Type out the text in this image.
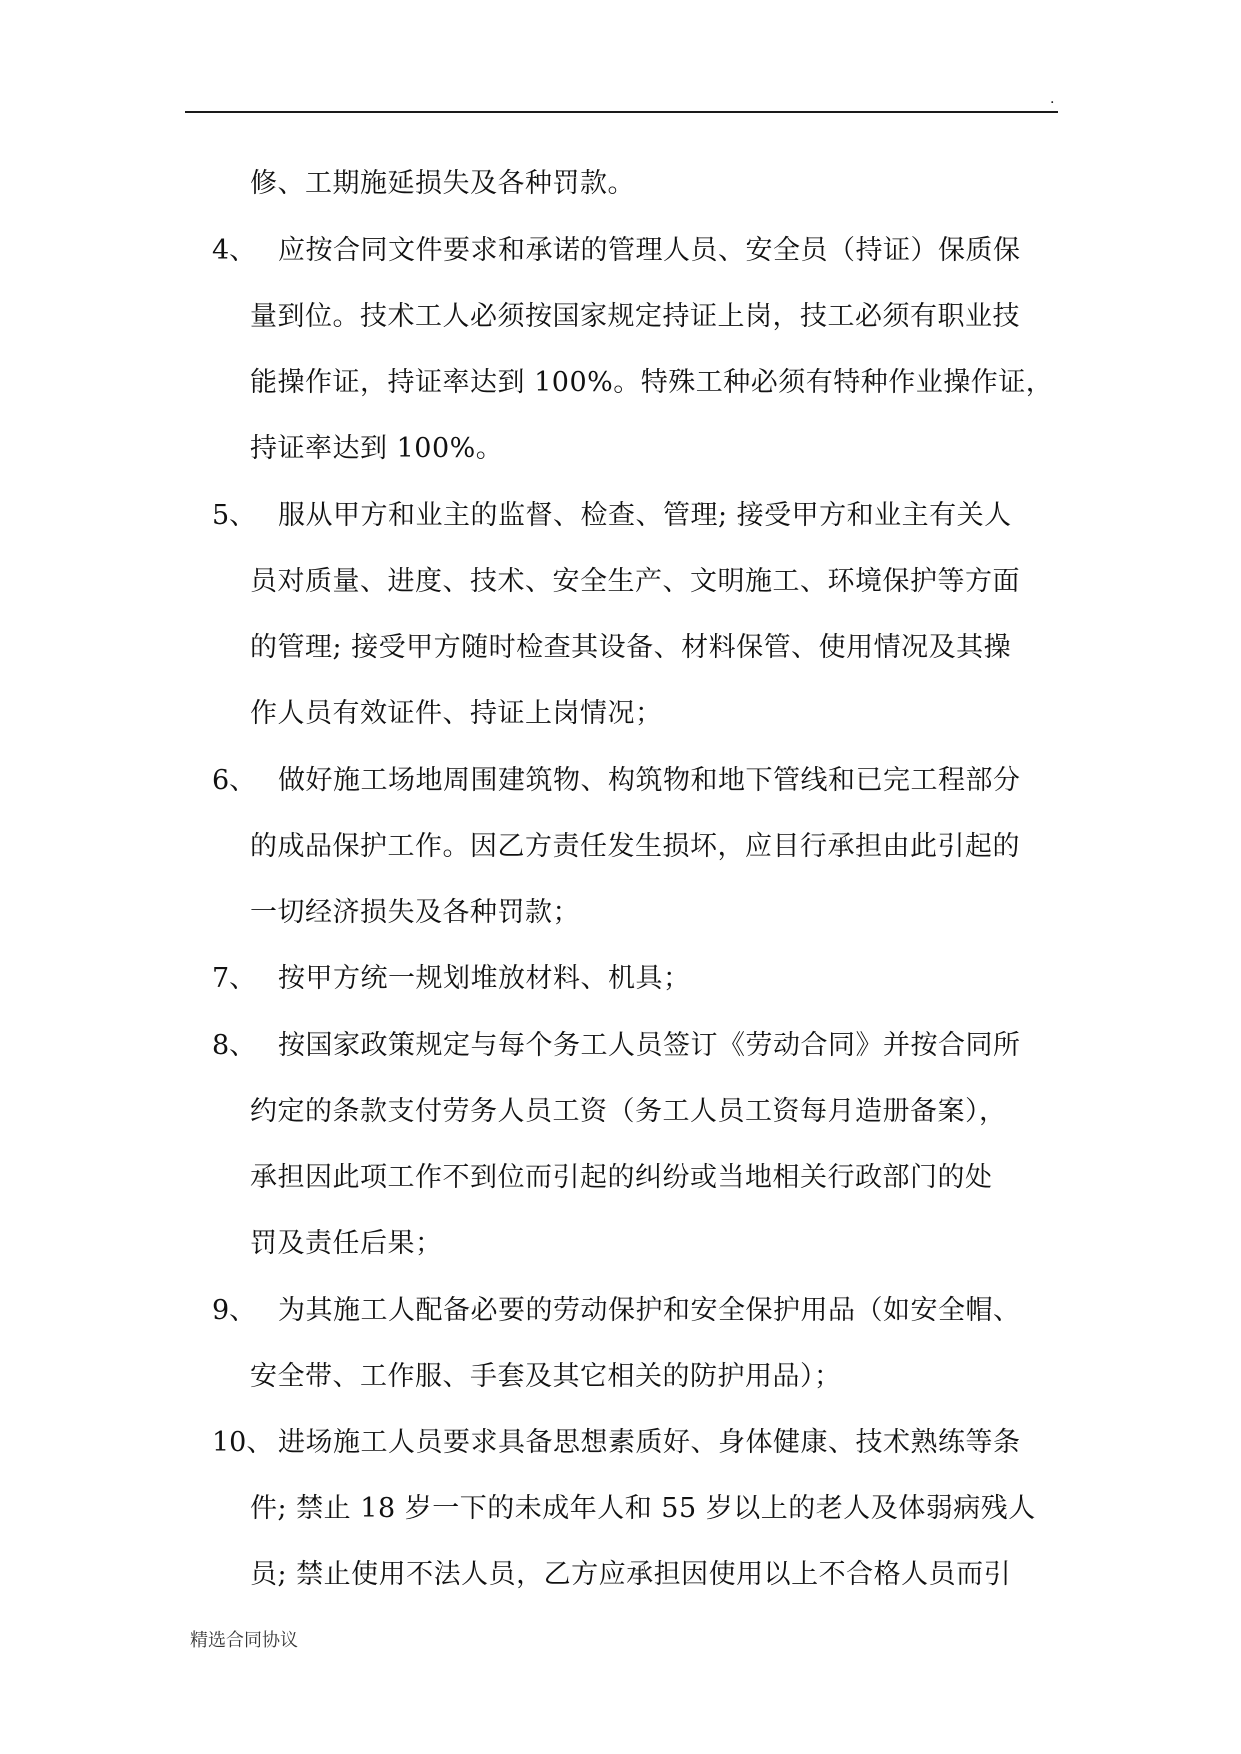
.
修、工期施延损失及各种罚款。
4、 应按合同文件要求和承诺的管理人员、安全员（持证）保质保
量到位。技术工人必须按国家规定持证上岗，技工必须有职业技
能操作证，持证率达到 100%。特殊工种必须有特种作业操作证，
持证率达到 100%。
5、 服从甲方和业主的监督、检查、管理; 接受甲方和业主有关人
员对质量、进度、技术、安全生产、文明施工、环境保护等方面
的管理; 接受甲方随时检查其设备、材料保管、使用情况及其操
作人员有效证件、持证上岗情况；
6、 做好施工场地周围建筑物、构筑物和地下管线和已完工程部分
的成品保护工作。因乙方责任发生损坏，应目行承担由此引起的
一切经济损失及各种罚款；
7、 按甲方统一规划堆放材料、机具；
8、 按国家政策规定与每个务工人员签订《劳动合同》并按合同所
约定的条款支付劳务人员工资（务工人员工资每月造册备案），
承担因此项工作不到位而引起的纠纷或当地相关行政部门的处
罚及责任后果；
9、 为其施工人配备必要的劳动保护和安全保护用品（如安全帽、
安全带、工作服、手套及其它相关的防护用品）；
10、 进场施工人员要求具备思想素质好、身体健康、技术熟练等条
件; 禁止 18 岁一下的未成年人和 55 岁以上的老人及体弱病残人
员; 禁止使用不法人员，乙方应承担因使用以上不合格人员而引
精选合同协议
